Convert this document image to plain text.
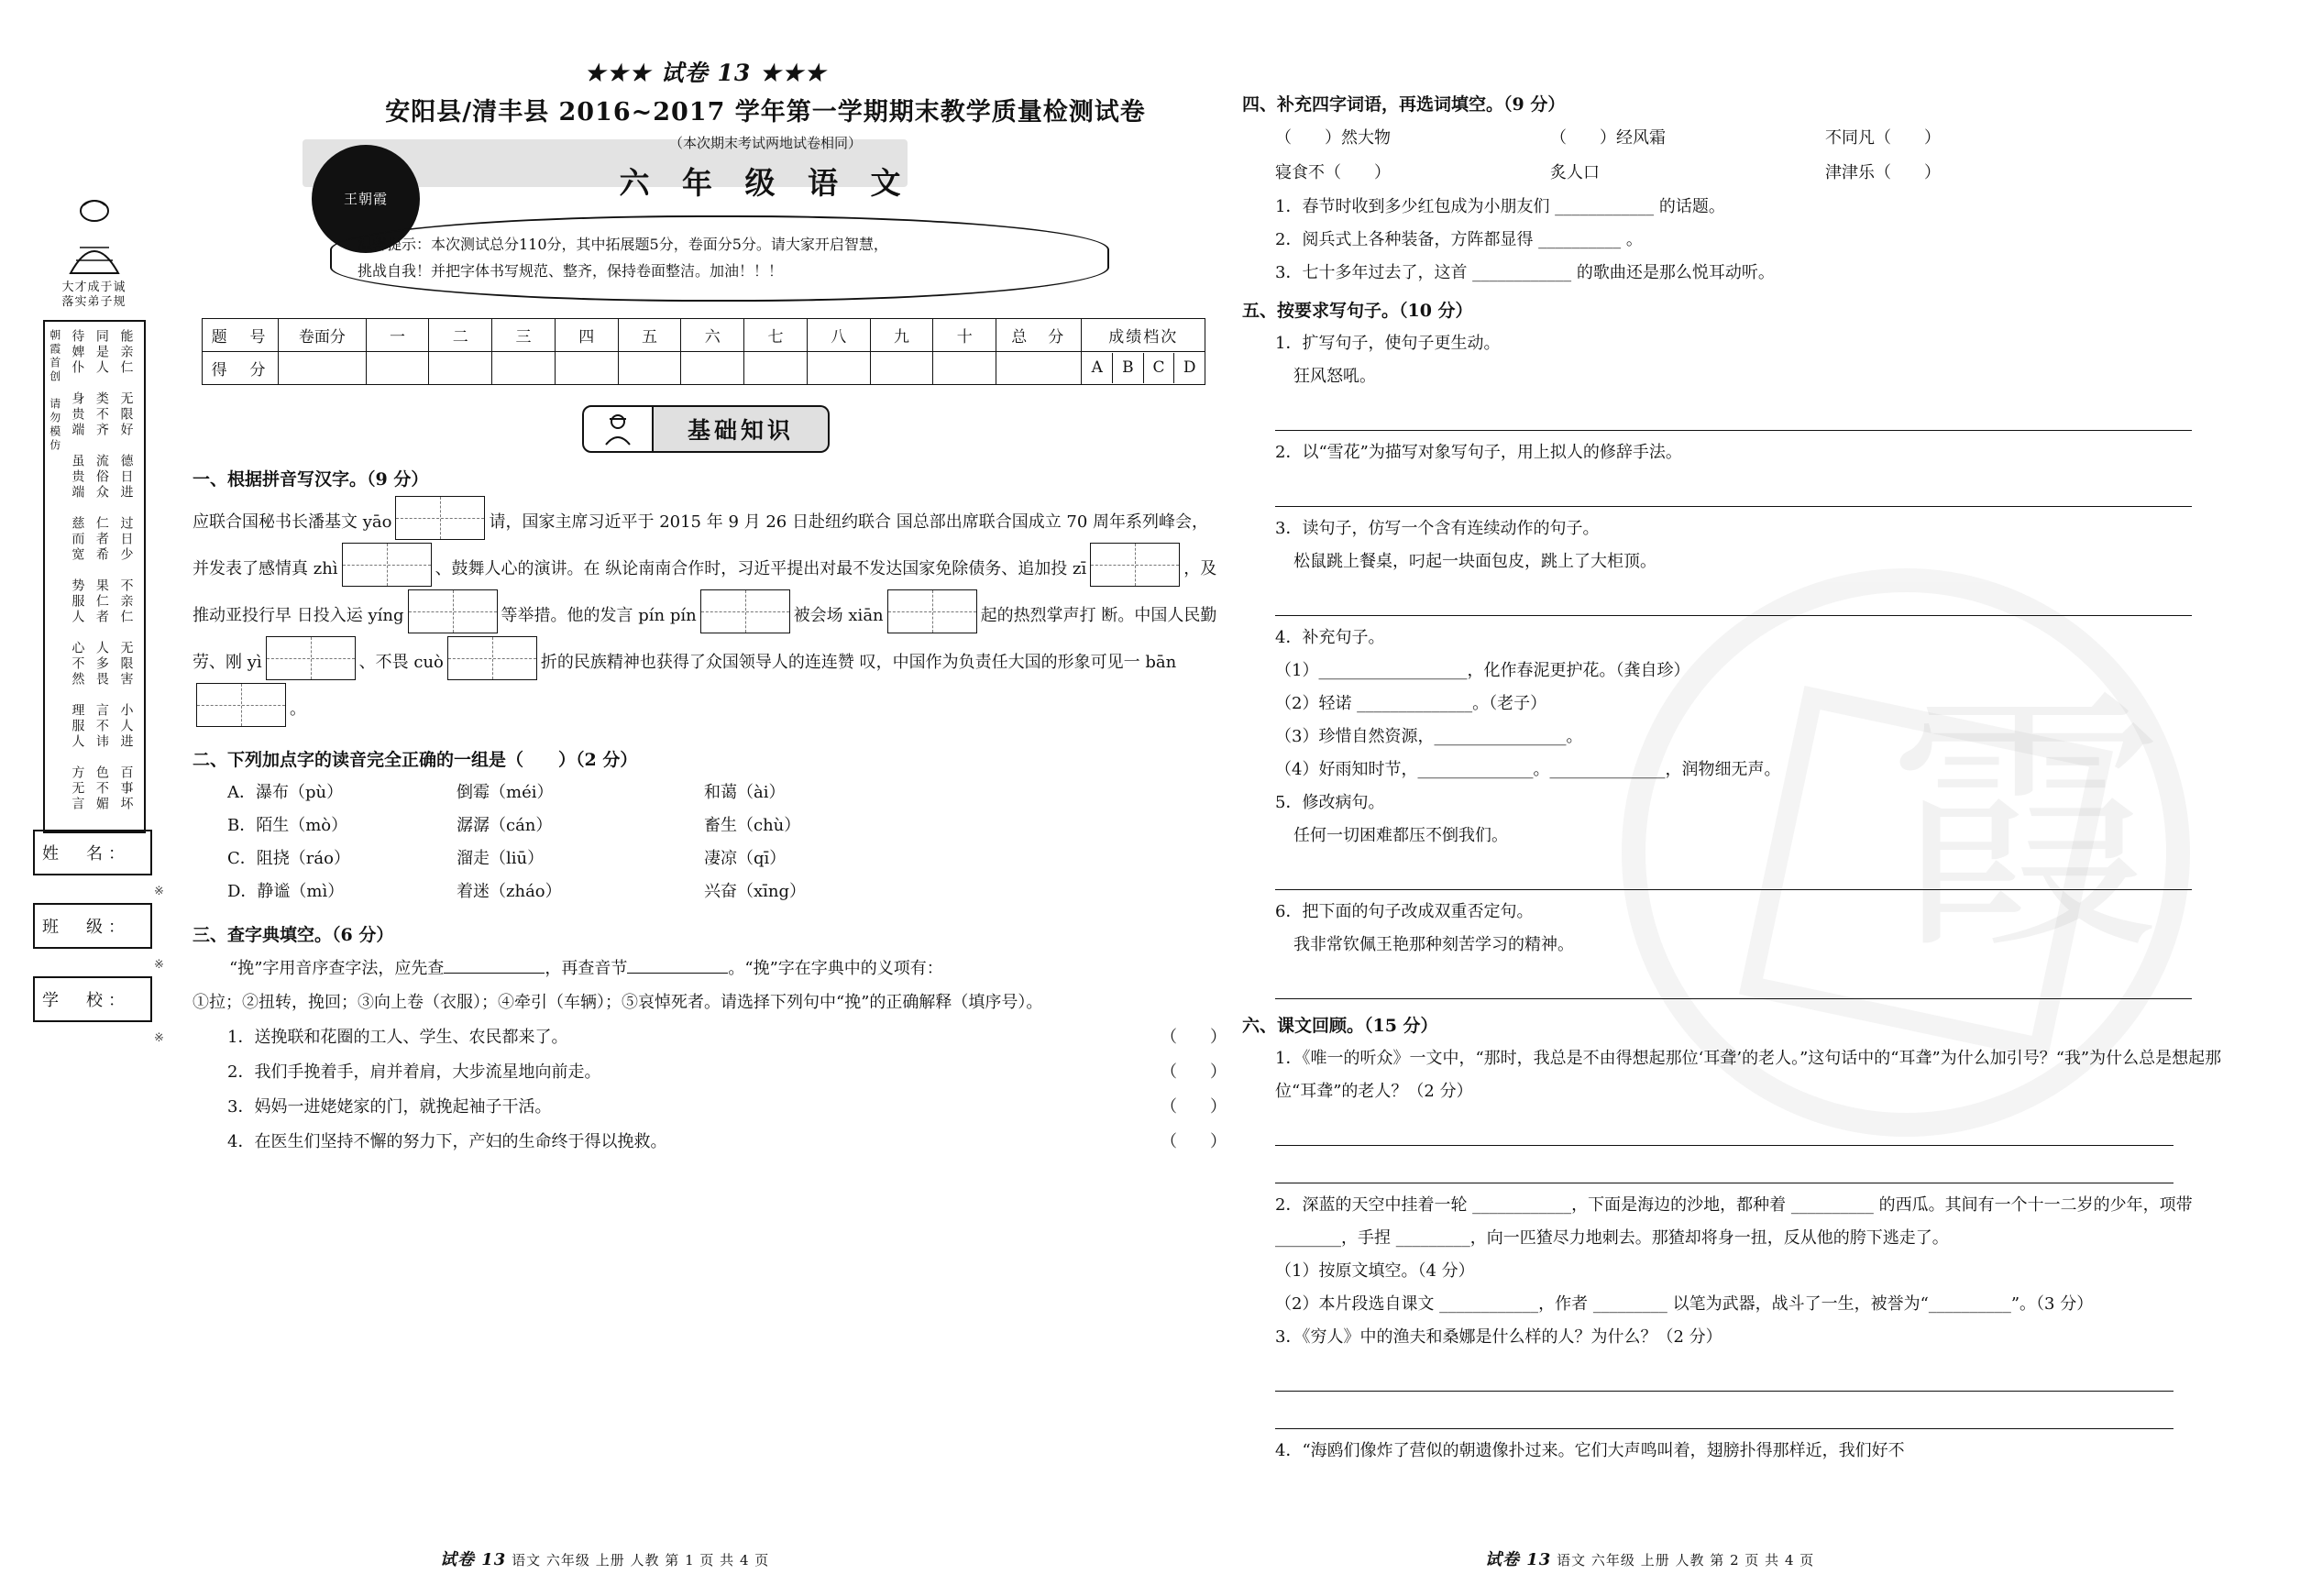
霞
大才成于诚
落实弟子规
能亲仁　无限好　德日进　过日少　不亲仁　无限害　小人进　百事坏
同是人　类不齐　流俗众　仁者希　果仁者　人多畏　言不讳　色不媚
待婢仆　身贵端　虽贵端　慈而宽　势服人　心不然　理服人　方无言
朝霞首创　请勿模仿
姓　名：
班　级：
学　校：
※
※
※
★★★ 试卷 13 ★★★
王朝霞
安阳县/清丰县 2016~2017 学年第一学期期末教学质量检测试卷
（本次期末考试两地试卷相同）
六 年 级 语 文
温馨提示：本次测试总分110分，其中拓展题5分，卷面分5分。请大家开启智慧，
挑战自我！并把字体书写规范、整齐，保持卷面整洁。加油！！！
题　号	卷面分	一	二	三	四	五	六	七	八	九	十	总　分	成绩档次
得　分													A B C D
基础知识
一、根据拼音写汉字。（9 分）
应联合国秘书长潘基文 yāo	请，国家主席习近平于 2015 年 9 月 26 日赴纽约联合 国总部出席联合国成立 70 周年系列峰会，并发表了感情真 zhì	、鼓舞人心的演讲。在 纵论南南合作时，习近平提出对最不发达国家免除债务、追加投 zī	，及推动亚投行早 日投入运 yíng	等举措。他的发言 pín pín	被会场 xiān	起的热烈掌声打 断。中国人民勤劳、刚 yì	、不畏 cuò	折的民族精神也获得了众国领导人的连连赞 叹，中国作为负责任大国的形象可见一 bān。
二、下列加点字的读音完全正确的一组是（　　）（2 分）
A．瀑布（pù）	倒霉（méi）	和蔼（ài）
B．陌生（mò）	潺潺（cán）	畜生（chù）
C．阻挠（ráo）	溜走（liū）	凄凉（qī）
D．静谧（mì）	着迷（zháo）	兴奋（xīng）
三、查字典填空。（6 分）
“挽”字用音序查字法，应先查	，再查音节	。“挽”字在字典中的义项有：
①拉；②扭转，挽回；③向上卷（衣服）；④牵引（车辆）；⑤哀悼死者。请选择下列句中“挽”的正确解释（填序号）。
1．送挽联和花圈的工人、学生、农民都来了。	（　　）
2．我们手挽着手，肩并着肩，大步流星地向前走。	（　　）
3．妈妈一进姥姥家的门，就挽起袖子干活。	（　　）
4．在医生们坚持不懈的努力下，产妇的生命终于得以挽救。	（　　）
四、补充四字词语，再选词填空。（9 分）
（　　）然大物	（　　）经风霜	不同凡（　　）
寝食不（　　）	炙人口	津津乐（　　）
1．春节时收到多少红包成为小朋友们 ____________ 的话题。
2．阅兵式上各种装备，方阵都显得 __________ 。
3．七十多年过去了，这首 ____________ 的歌曲还是那么悦耳动听。
五、按要求写句子。（10 分）
1．扩写句子，使句子更生动。
狂风怒吼。
2．以“雪花”为描写对象写句子，用上拟人的修辞手法。
3．读句子，仿写一个含有连续动作的句子。
松鼠跳上餐桌，叼起一块面包皮，跳上了大柜顶。
4．补充句子。
（1）__________________，化作春泥更护花。（龚自珍）
（2）轻诺 ______________。（老子）
（3）珍惜自然资源，________________。
（4）好雨知时节，______________。______________，润物细无声。
5．修改病句。
任何一切困难都压不倒我们。
6．把下面的句子改成双重否定句。
我非常钦佩王艳那种刻苦学习的精神。
六、课文回顾。（15 分）
1．《唯一的听众》一文中，“那时，我总是不由得想起那位‘耳聋’的老人。”这句话中的“耳聋”为什么加引号？“我”为什么总是想起那位“耳聋”的老人？（2 分）
2．深蓝的天空中挂着一轮 ____________，下面是海边的沙地，都种着 __________ 的西瓜。其间有一个十一二岁的少年，项带 ________，手捏 _________，向一匹猹尽力地刺去。那猹却将身一扭，反从他的胯下逃走了。
（1）按原文填空。（4 分）
（2）本片段选自课文 ____________，作者 _________ 以笔为武器，战斗了一生，被誉为“__________”。（3 分）
3．《穷人》中的渔夫和桑娜是什么样的人？为什么？（2 分）
4．“海鸥们像炸了营似的朝遗像扑过来。它们大声鸣叫着，翅膀扑得那样近，我们好不
试卷 13 语文 六年级 上册 人教 第 1 页 共 4 页	试卷 13 语文 六年级 上册 人教 第 2 页 共 4 页
